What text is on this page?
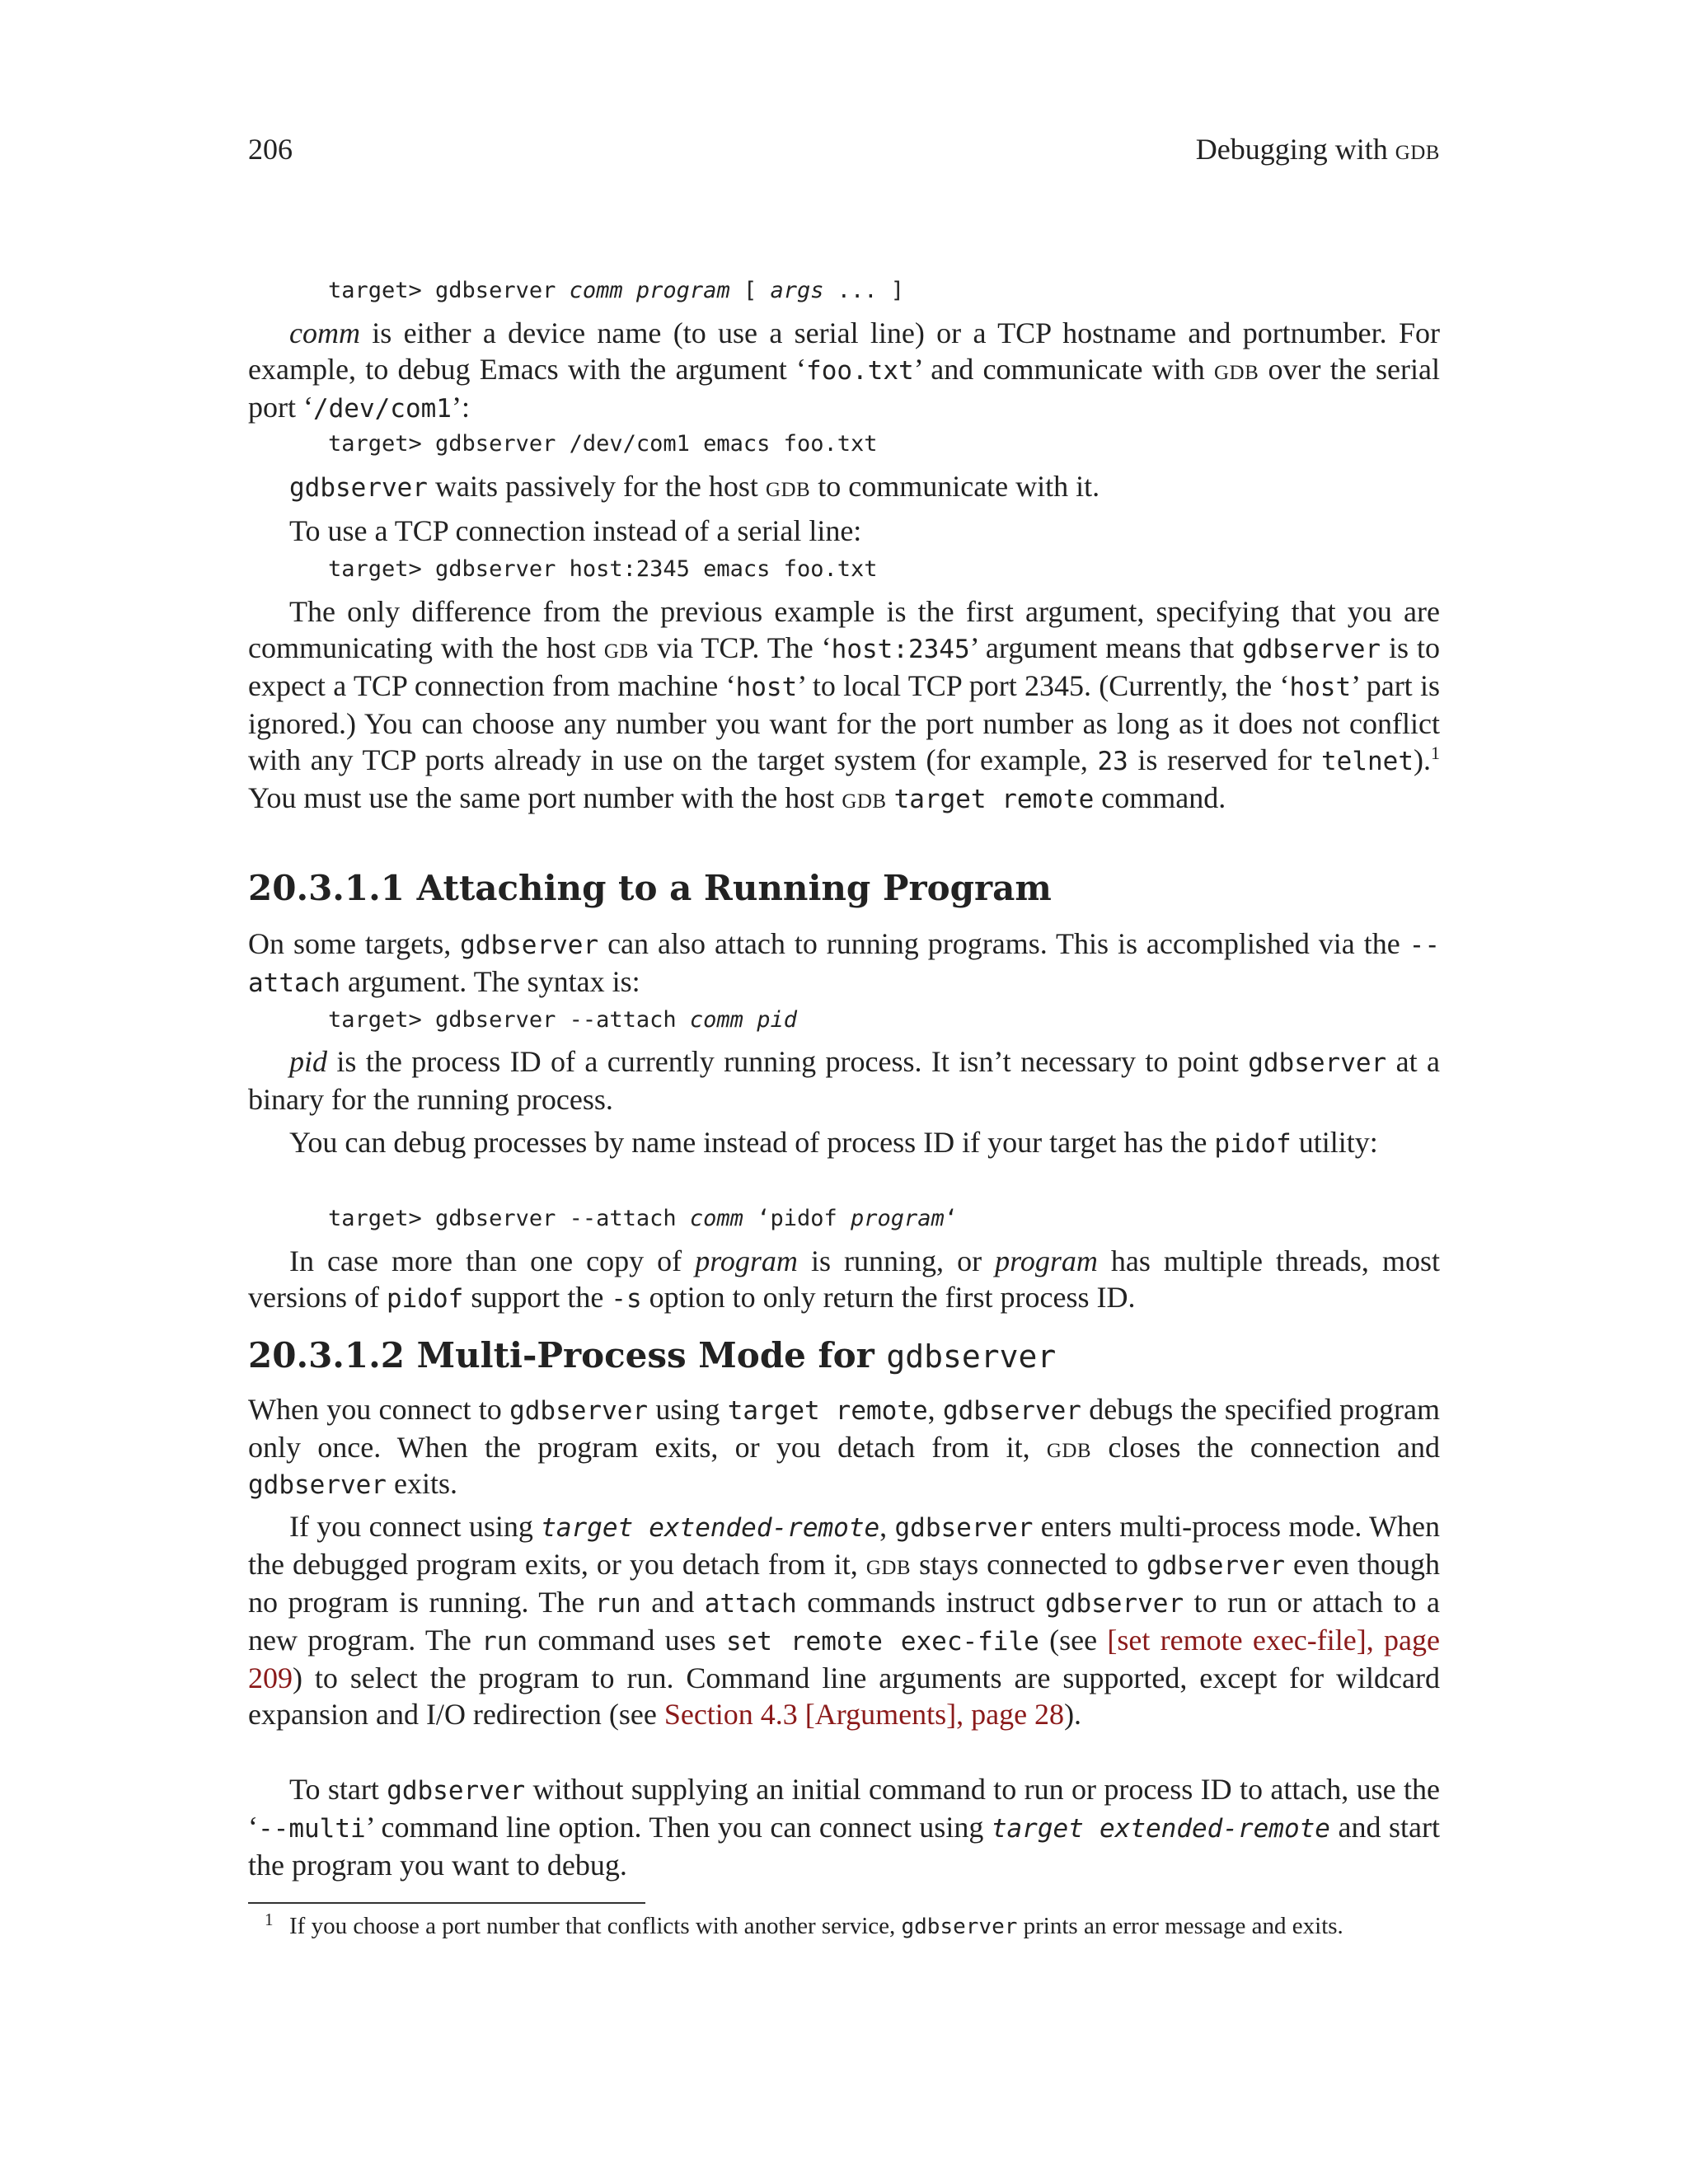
206	Debugging with gdb
target> gdbserver comm program [ args ... ]

comm is either a device name (to use a serial line) or a TCP hostname and portnumber. For example, to debug Emacs with the argument ‘foo.txt’ and communicate with gdb over the serial port ‘/dev/com1’:

target> gdbserver /dev/com1 emacs foo.txt

gdbserver waits passively for the host gdb to communicate with it.

To use a TCP connection instead of a serial line:

target> gdbserver host:2345 emacs foo.txt

The only difference from the previous example is the first argument, specifying that you are communicating with the host gdb via TCP. The ‘host:2345’ argument means that gdbserver is to expect a TCP connection from machine ‘host’ to local TCP port 2345. (Currently, the ‘host’ part is ignored.) You can choose any number you want for the port number as long as it does not conflict with any TCP ports already in use on the target system (for example, 23 is reserved for telnet).$^1$ You must use the same port number with the host gdb target remote command.

20.3.1.1 Attaching to a Running Program

On some targets, gdbserver can also attach to running programs. This is accomplished via the --attach argument. The syntax is:

target> gdbserver --attach comm pid

pid is the process ID of a currently running process. It isn’t necessary to point gdbserver at a binary for the running process.

You can debug processes by name instead of process ID if your target has the pidof utility:

target> gdbserver --attach comm ‘pidof program‘

In case more than one copy of program is running, or program has multiple threads, most versions of pidof support the -s option to only return the first process ID.

20.3.1.2 Multi-Process Mode for gdbserver

When you connect to gdbserver using target remote, gdbserver debugs the specified program only once. When the program exits, or you detach from it, gdb closes the connection and gdbserver exits.

If you connect using target extended-remote, gdbserver enters multi-process mode. When the debugged program exits, or you detach from it, gdb stays connected to gdbserver even though no program is running. The run and attach commands instruct gdbserver to run or attach to a new program. The run command uses set remote exec-file (see [set remote exec-file], page 209) to select the program to run. Command line arguments are supported, except for wildcard expansion and I/O redirection (see Section 4.3 [Arguments], page 28).

To start gdbserver without supplying an initial command to run or process ID to attach, use the ‘--multi’ command line option. Then you can connect using target extended-remote and start the program you want to debug.

1 If you choose a port number that conflicts with another service, gdbserver prints an error message and exits.
